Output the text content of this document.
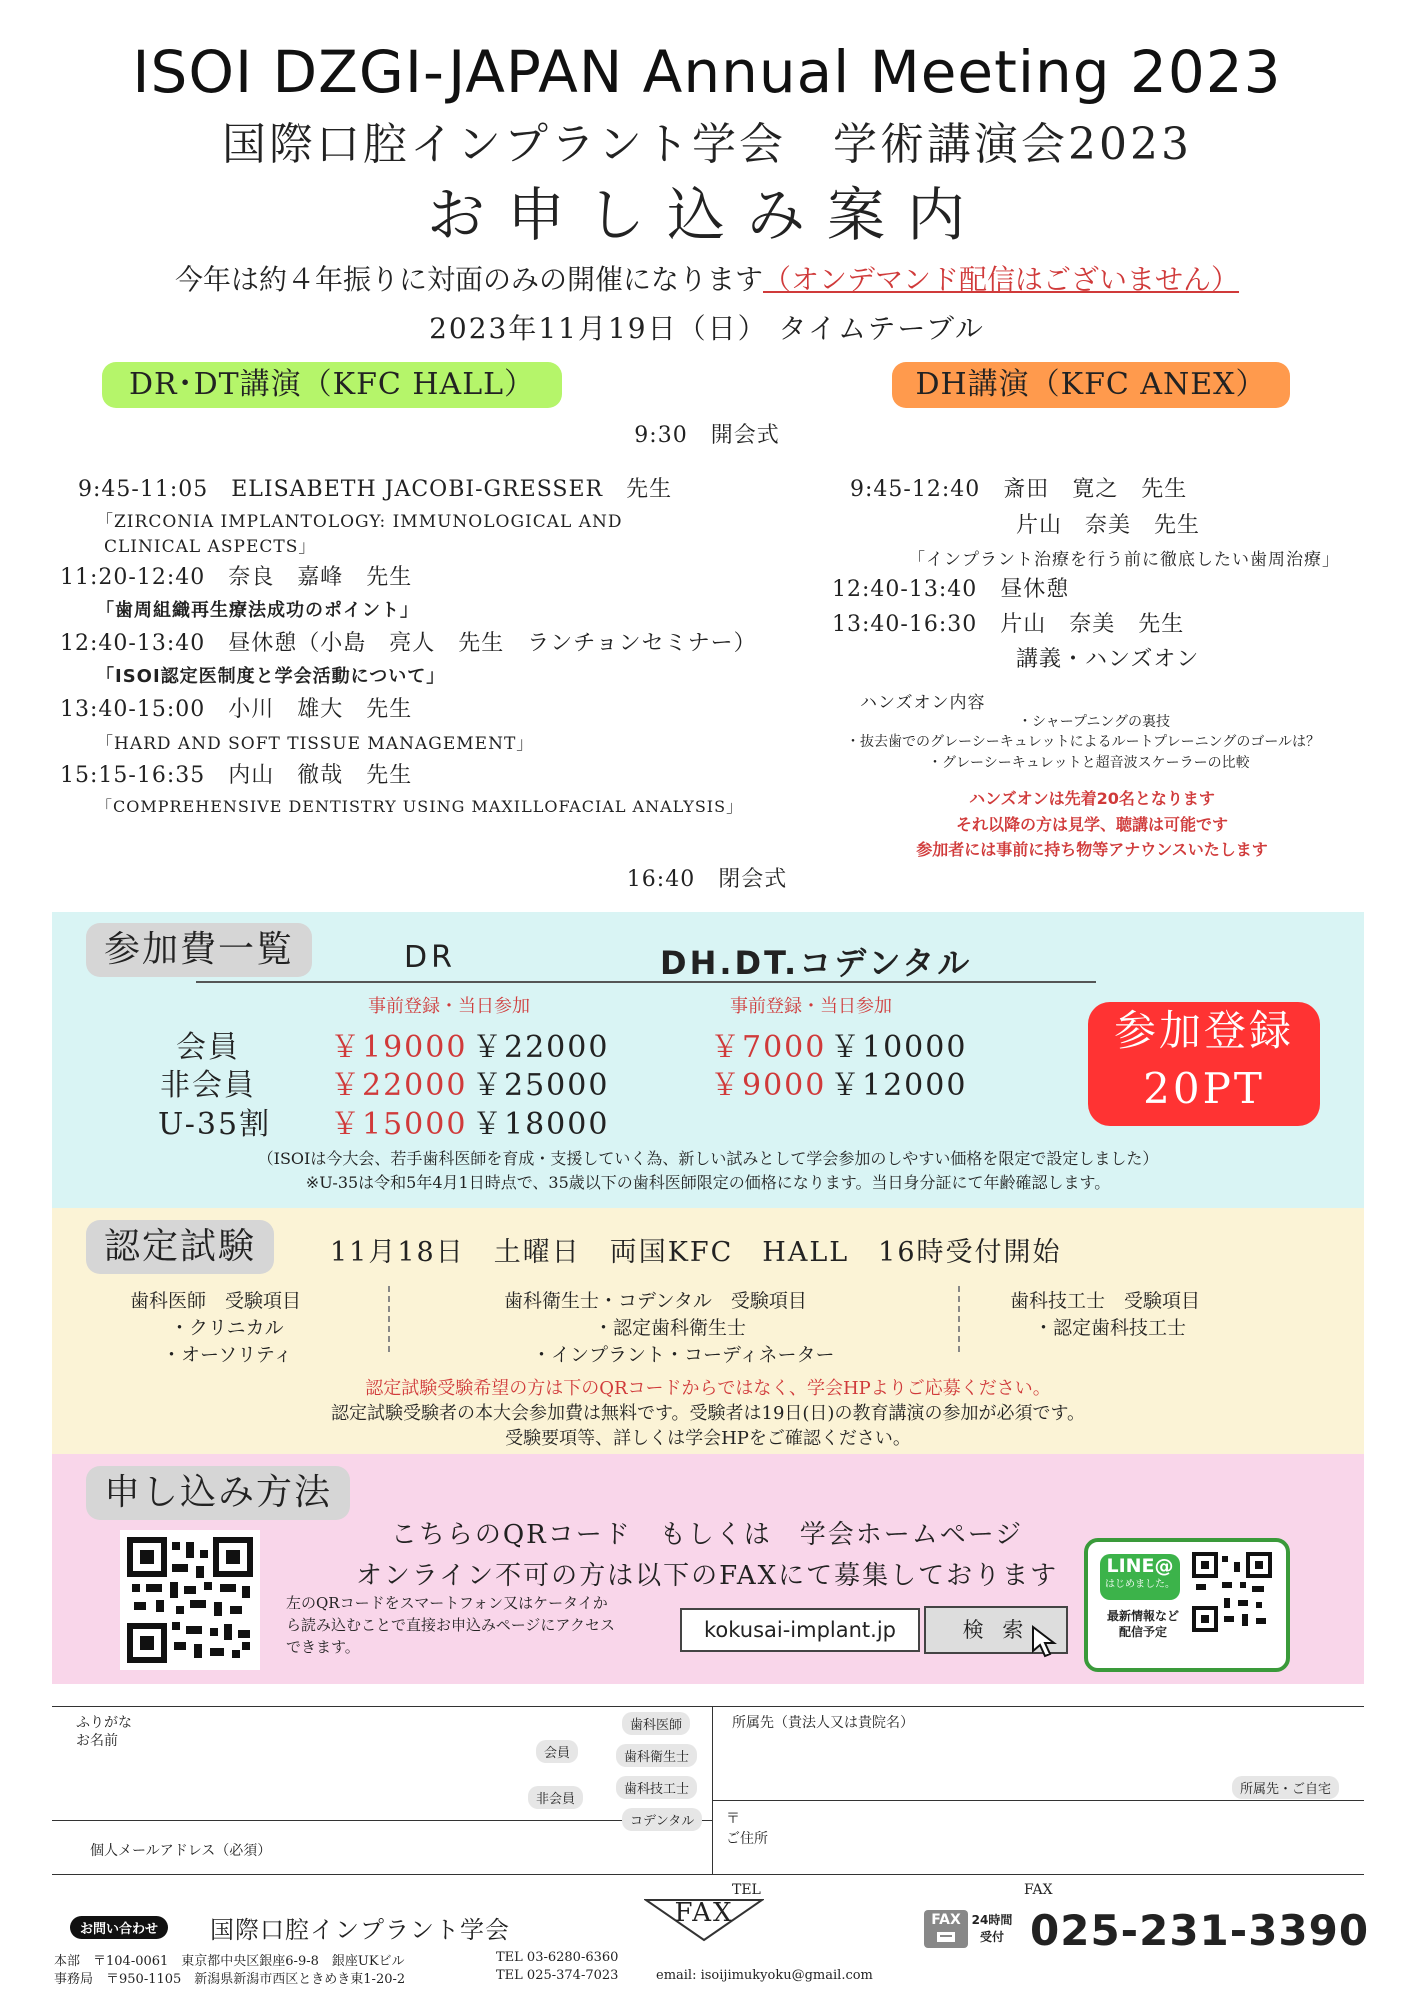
ISOI DZGI-JAPAN Annual Meeting 2023
国際口腔インプラント学会　学術講演会2023
お申し込み案内
今年は約４年振りに対面のみの開催になります（オンデマンド配信はございません）
2023年11月19日（日） タイムテーブル
DR･DT講演（KFC HALL）	DH講演（KFC ANEX）
9:30　開会式
9:45-11:05　ELISABETH JACOBI-GRESSER　先生
「ZIRCONIA IMPLANTOLOGY: IMMUNOLOGICAL AND
CLINICAL ASPECTS」
11:20-12:40　奈良　嘉峰　先生
「歯周組織再生療法成功のポイント」
12:40-13:40　昼休憩（小島　亮人　先生　ランチョンセミナー）
「ISOI認定医制度と学会活動について」
13:40-15:00　小川　雄大　先生
「HARD AND SOFT TISSUE MANAGEMENT」
15:15-16:35　内山　徹哉　先生
「COMPREHENSIVE DENTISTRY USING MAXILLOFACIAL ANALYSIS」
9:45-12:40　斎田　寛之　先生
片山　奈美　先生
「インプラント治療を行う前に徹底したい歯周治療」
12:40-13:40　昼休憩
13:40-16:30　片山　奈美　先生
講義・ハンズオン
ハンズオン内容
・シャープニングの裏技
・抜去歯でのグレーシーキュレットによるルートプレーニングのゴールは？
・グレーシーキュレットと超音波スケーラーの比較
ハンズオンは先着20名となります
それ以降の方は見学、聴講は可能です
参加者には事前に持ち物等アナウンスいたします
16:40　閉会式
参加費一覧	DR	DH.DT.コデンタル
事前登録・当日参加	事前登録・当日参加
会員	￥19000 ￥22000	￥7000 ￥10000
非会員 ￥22000 ￥25000	￥9000 ￥12000
U-35割 ￥15000 ￥18000
参加登録
20PT
（ISOIは今大会、若手歯科医師を育成・支援していく為、新しい試みとして学会参加のしやすい価格を限定で設定しました）
※U-35は令和5年4月1日時点で、35歳以下の歯科医師限定の価格になります。当日身分証にて年齢確認します。
認定試験	11月18日　土曜日　両国KFC　HALL　16時受付開始
歯科医師　受験項目
・クリニカル
・オーソリティ
歯科衛生士・コデンタル　受験項目
・認定歯科衛生士
・インプラント・コーディネーター
歯科技工士　受験項目
・認定歯科技工士
認定試験受験希望の方は下のQRコードからではなく、学会HPよりご応募ください。
認定試験受験者の本大会参加費は無料です。受験者は19日(日)の教育講演の参加が必須です。
受験要項等、詳しくは学会HPをご確認ください。
申し込み方法
左のQRコードをスマートフォン又はケータイから読み込むことで直接お申込みページにアクセスできます。
こちらのQRコード　もしくは　学会ホームページ
オンライン不可の方は以下のFAXにて募集しております
kokusai-implant.jp	検 索
LINE@
はじめました。
最新情報など
配信予定
ふりがな
お名前
会員
非会員
歯科医師
歯科衛生士
歯科技工士
コデンタル
所属先（貴法人又は貴院名）
所属先・ご自宅
個人メールアドレス（必須）
〒
ご住所
TEL	FAX
お問い合わせ	国際口腔インプラント学会
FAX	FAX 24時間受付 025-231-3390
本部　〒104-0061　東京都中央区銀座6-9-8　銀座UKビル
事務局　〒950-1105　新潟県新潟市西区ときめき東1-20-2
TEL 03-6280-6360
TEL 025-374-7023	email: isoijimukyoku@gmail.com
